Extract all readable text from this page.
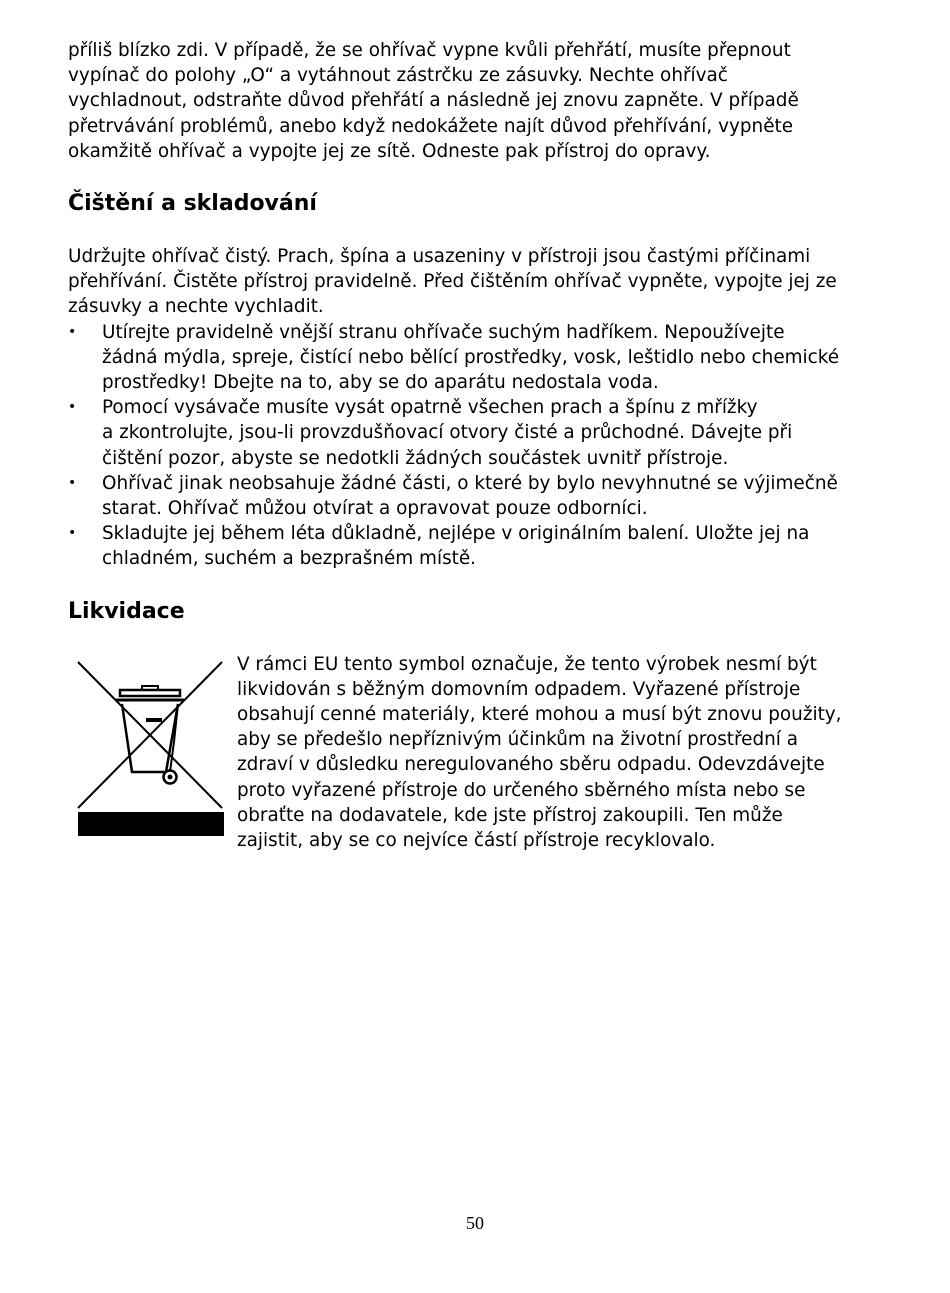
příliš blízko zdi. V případě, že se ohřívač vypne kvůli přehřátí, musíte přepnout
vypínač do polohy „O“ a vytáhnout zástrčku ze zásuvky. Nechte ohřívač
vychladnout, odstraňte důvod přehřátí a následně jej znovu zapněte. V případě
přetrvávání problémů, anebo když nedokážete najít důvod přehřívání, vypněte
okamžitě ohřívač a vypojte jej ze sítě. Odneste pak přístroj do opravy.

Čištění a skladování

Udržujte ohřívač čistý. Prach, špína a usazeniny v přístroji jsou častými příčinami
přehřívání. Čistěte přístroj pravidelně. Před čištěním ohřívač vypněte, vypojte jej ze
zásuvky a nechte vychladit.

• Utírejte pravidelně vnější stranu ohřívače suchým hadříkem. Nepoužívejte
žádná mýdla, spreje, čistící nebo bělící prostředky, vosk, leštidlo nebo chemické
prostředky! Dbejte na to, aby se do aparátu nedostala voda.
• Pomocí vysávače musíte vysát opatrně všechen prach a špínu z mřížky
a zkontrolujte, jsou-li provzdušňovací otvory čisté a průchodné. Dávejte při
čištění pozor, abyste se nedotkli žádných součástek uvnitř přístroje.
• Ohřívač jinak neobsahuje žádné části, o které by bylo nevyhnutné se výjimečně
starat. Ohřívač můžou otvírat a opravovat pouze odborníci.
• Skladujte jej během léta důkladně, nejlépe v originálním balení. Uložte jej na
chladném, suchém a bezprašném místě.
Likvidace

V rámci EU tento symbol označuje, že tento výrobek nesmí být
likvidován s běžným domovním odpadem. Vyřazené přístroje
obsahují cenné materiály, které mohou a musí být znovu použity,
aby se předešlo nepříznivým účinkům na životní prostřední a
zdraví v důsledku neregulovaného sběru odpadu. Odevzdávejte
proto vyřazené přístroje do určeného sběrného místa nebo se
obraťte na dodavatele, kde jste přístroj zakoupili. Ten může
zajistit, aby se co nejvíce částí přístroje recyklovalo.

50
